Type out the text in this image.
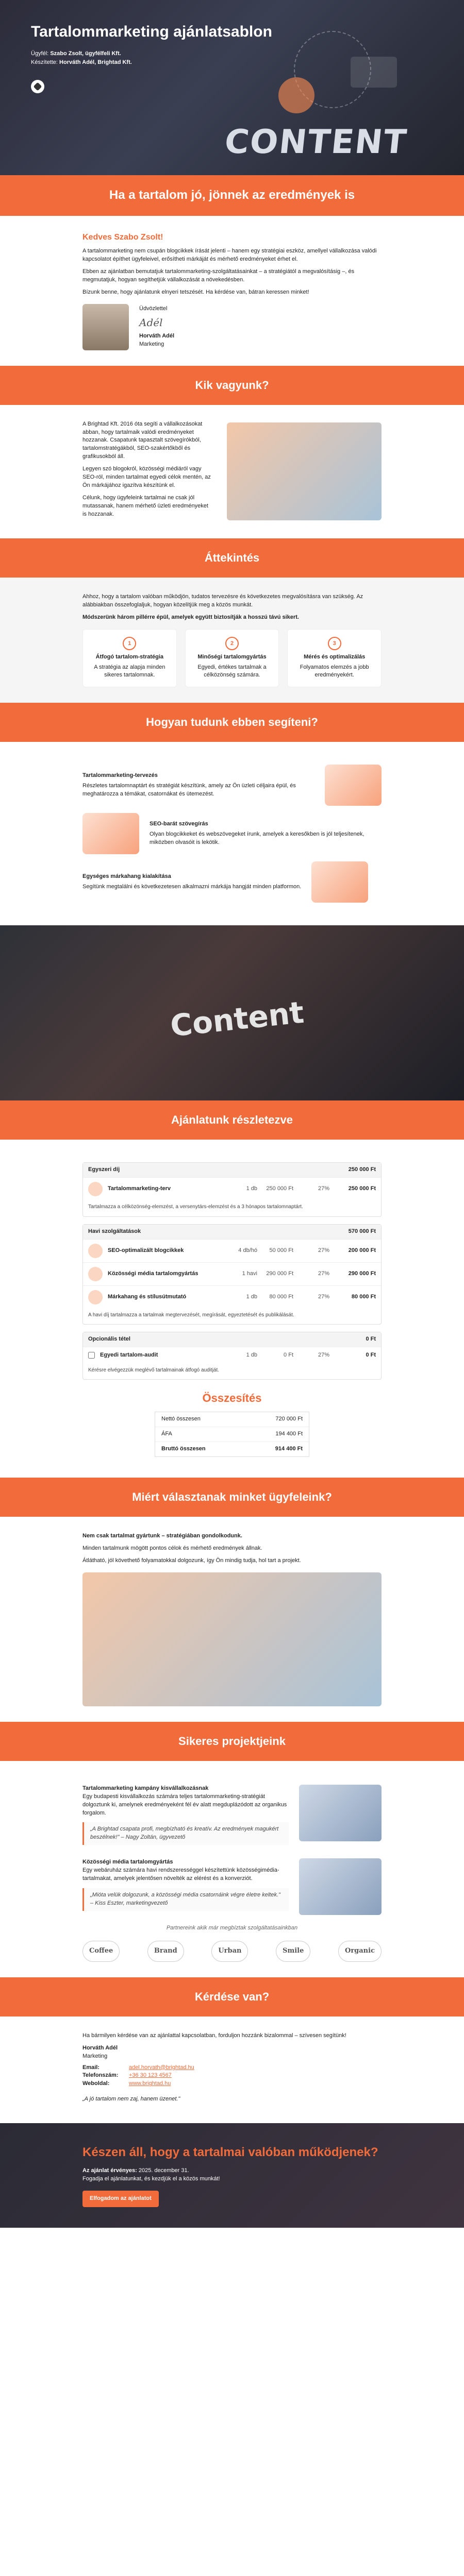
Tartalommarketing ajánlatsablon
Ügyfél: Szabo Zsolt, ügyfélfeli Kft.
Készítette: Horváth Adél, Brightad Kft.
CONTENT
Ha a tartalom jó, jönnek az eredmények is
Kedves Szabo Zsolt!

A tartalommarketing nem csupán blogcikkek írását jelenti – hanem egy stratégiai eszköz, amellyel vállalkozása valódi kapcsolatot építhet ügyfeleivel, erősítheti márkáját és mérhető eredményeket érhet el.

Ebben az ajánlatban bemutatjuk tartalommarketing-szolgáltatásainkat – a stratégiától a megvalósításig –, és megmutatjuk, hogyan segíthetjük vállalkozását a növekedésben.

Bízunk benne, hogy ajánlatunk elnyeri tetszését. Ha kérdése van, bátran keressen minket!

Üdvözlettel
Adél
Horváth Adél
Marketing
Kik vagyunk?

A Brightad Kft. 2016 óta segíti a vállalkozásokat abban, hogy tartalmaik valódi eredményeket hozzanak. Csapatunk tapasztalt szövegírókból, tartalomstratégákból, SEO-szakértőkből és grafikusokból áll.

Legyen szó blogokról, közösségi médiáról vagy SEO-ról, minden tartalmat egyedi célok mentén, az Ön márkájához igazítva készítünk el.

Célunk, hogy ügyfeleink tartalmai ne csak jól mutassanak, hanem mérhető üzleti eredményeket is hozzanak.

Áttekintés

Ahhoz, hogy a tartalom valóban működjön, tudatos tervezésre és következetes megvalósításra van szükség. Az alábbiakban összefoglaljuk, hogyan közelítjük meg a közös munkát.

Módszerünk három pillérre épül, amelyek együtt biztosítják a hosszú távú sikert.

1
Átfogó tartalom-stratégia
A stratégia az alapja minden sikeres tartalomnak.
2
Minőségi tartalomgyártás
Egyedi, értékes tartalmak a célközönség számára.
3
Mérés és optimalizálás
Folyamatos elemzés a jobb eredményekért.
Hogyan tudunk ebben segíteni?
Tartalommarketing-tervezés
Részletes tartalomnaptárt és stratégiát készítünk, amely az Ön üzleti céljaira épül, és meghatározza a témákat, csatornákat és ütemezést.
SEO-barát szövegírás
Olyan blogcikkeket és webszövegeket írunk, amelyek a keresőkben is jól teljesítenek, miközben olvasóit is lekötik.
Egységes márkahang kialakítása
Segítünk megtalálni és következetesen alkalmazni márkája hangját minden platformon.
Content
Ajánlatunk részletezve
Egyszeri díj	250 000 Ft
Tartalommarketing-terv	1 db	250 000 Ft	27%	250 000 Ft
Tartalmazza a célközönség-elemzést, a versenytárs-elemzést és a 3 hónapos tartalomnaptárt.
Havi szolgáltatások	570 000 Ft
SEO-optimalizált blogcikkek	4 db/hó	50 000 Ft	27%	200 000 Ft
Közösségi média tartalomgyártás	1 havi	290 000 Ft	27%	290 000 Ft
Márkahang és stílusútmutató	1 db	80 000 Ft	27%	80 000 Ft
A havi díj tartalmazza a tartalmak megtervezését, megírását, egyeztetését és publikálását.
Opcionális tétel	0 Ft
Egyedi tartalom-audit	1 db	0 Ft	27%	0 Ft
Kérésre elvégezzük meglévő tartalmainak átfogó auditját.
Összesítés
Nettó összesen	720 000 Ft
ÁFA	194 400 Ft
Bruttó összesen	914 400 Ft
Miért választanak minket ügyfeleink?

Nem csak tartalmat gyártunk – stratégiában gondolkodunk.

Minden tartalmunk mögött pontos célok és mérhető eredmények állnak.

Átlátható, jól követhető folyamatokkal dolgozunk, így Ön mindig tudja, hol tart a projekt.

Sikeres projektjeink
Tartalommarketing kampány kisvállalkozásnak

Egy budapesti kisvállalkozás számára teljes tartalommarketing-stratégiát dolgoztunk ki, amelynek eredményeként fél év alatt megduplázódott az organikus forgalom.

„A Brightad csapata profi, megbízható és kreatív. Az eredmények magukért beszélnek!" – Nagy Zoltán, ügyvezető
Közösségi média tartalomgyártás

Egy webáruház számára havi rendszerességgel készítettünk közösségimédia-tartalmakat, amelyek jelentősen növelték az elérést és a konverziót.

„Mióta velük dolgozunk, a közösségi média csatornáink végre életre keltek." – Kiss Eszter, marketingvezető
Partnereink akik már megbíztak szolgáltatásainkban
Coffee	Brand	Urban	Smile	Organic
Kérdése van?

Ha bármilyen kérdése van az ajánlattal kapcsolatban, forduljon hozzánk bizalommal – szívesen segítünk!

Horváth Adél
Marketing
Email:	adel.horvath@brightad.hu
Telefonszám: +36 30 123 4567
Weboldal:	www.brightad.hu

„A jó tartalom nem zaj, hanem üzenet."

Készen áll, hogy a tartalmai valóban működjenek?
Az ajánlat érvényes: 2025. december 31.
Fogadja el ajánlatunkat, és kezdjük el a közös munkát!
Elfogadom az ajánlatot
